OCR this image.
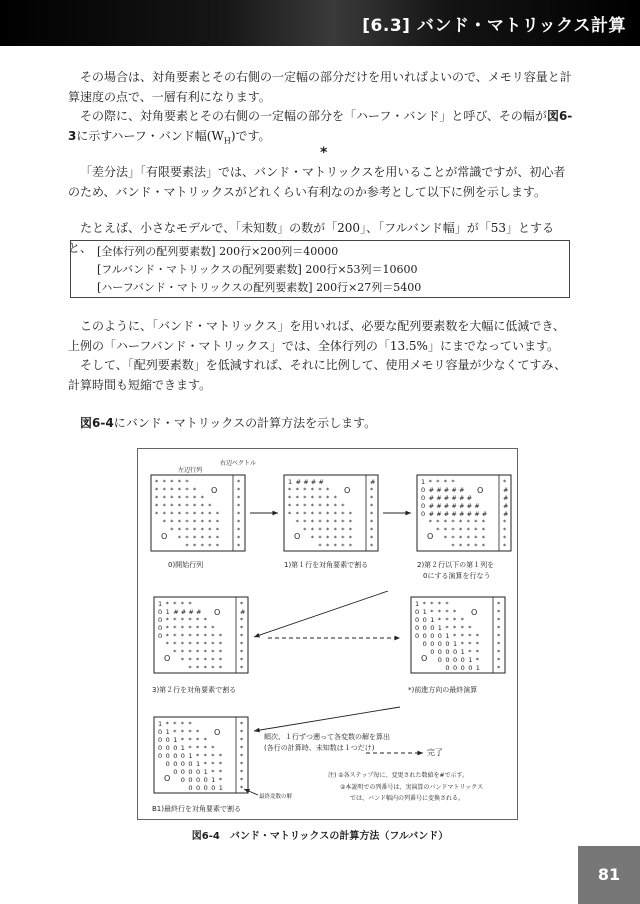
[6.3] バンド・マトリックス計算

その場合は、対角要素とその右側の一定幅の部分だけを用いればよいので、メモリ容量と計算速度の点で、一層有利になります。

その際に、対角要素とその右側の一定幅の部分を「ハーフ・バンド」と呼び、その幅が図6-3に示すハーフ・バンド幅$(W_H)$です。

*

「差分法」「有限要素法」では、バンド・マトリックスを用いることが常識ですが、初心者のため、バンド・マトリックスがどれくらい有利なのか参考として以下に例を示します。

たとえば、小さなモデルで、「未知数」の数が「200」、「フルバンド幅」が「53」とすると、 [全体行列の配列要素数] 200行×200列＝40000
[フルバンド・マトリックスの配列要素数] 200行×53列＝10600
[ハーフバンド・マトリックスの配列要素数] 200行×27列＝5400

このように、「バンド・マトリックス」を用いれば、必要な配列要素数を大幅に低減でき、上例の「ハーフバンド・マトリックス」では、全体行列の「13.5%」にまでなっています。

そして、「配列要素数」を低減すれば、それに比例して、使用メモリ容量が少なくてすみ、計算時間も短縮できます。

図6-4にバンド・マトリックスの計算方法を示します。

左辺行列
右辺ベクトル
* * * * *
* * * * * *
* * * * * * *
* * * * * * * *
* * * * * * * * *
* * * * * * * *
* * * * * * *
* * * * * *
* * * * *
*
*
*
*
*
*
*
*
*
O
O
1 # # # #
* * * * * *
* * * * * * *
* * * * * * * *
* * * * * * * * *
* * * * * * * *
* * * * * * *
* * * * * *
* * * * *
#
*
*
*
*
*
*
*
*
O
O
1 * * * *
0 # # # # #
0 # # # # # #
0 # # # # # # #
0 # # # # # # # #
* * * * * * * *
* * * * * * *
* * * * * *
* * * * *
*
#
#
#
#
*
*
*
*
O
O
0)開始行列	1)第１行を対角要素で割る	2)第２行以下の第１列を
0にする演算を行なう
1 * * * *
0 1 # # # #
0 * * * * * *
0 * * * * * * *
0 * * * * * * * *
* * * * * * * *
* * * * * * *
* * * * * *
* * * * *
*
#
*
*
*
*
*
*
*
O
O
1 * * * *
0 1 * * * *
0 0 1 * * * *
0 0 0 1 * * * *
0 0 0 0 1 * * * *
0 0 0 0 1 * * *
0 0 0 0 1 * *
0 0 0 0 1 *
0 0 0 0 1
*
*
*
*
*
*
*
*
*
O
O
3)第２行を対角要素で割る	*)前進方向の最終演算
1 * * * *
0 1 * * * *
0 0 1 * * * *
0 0 0 1 * * * *
0 0 0 0 1 * * * *
0 0 0 0 1 * * *
0 0 0 0 1 * *
0 0 0 0 1 *
0 0 0 0 1
*
*
*
*
*
*
*
*
*
O
O
順次、１行ずつ遡って各変数の解を算出
(各行の計算時、未知数は１つだけ)	完了
最終変数の解
B1)最終行を対角要素で割る
注) ①各ステップ毎に、変更された数値を#で示す。
②本説明での列番号は、実演算のバンドマトリックス
では、バンド幅内の列番号に変換される。
図6-4　バンド・マトリックスの計算方法（フルバンド）
81
